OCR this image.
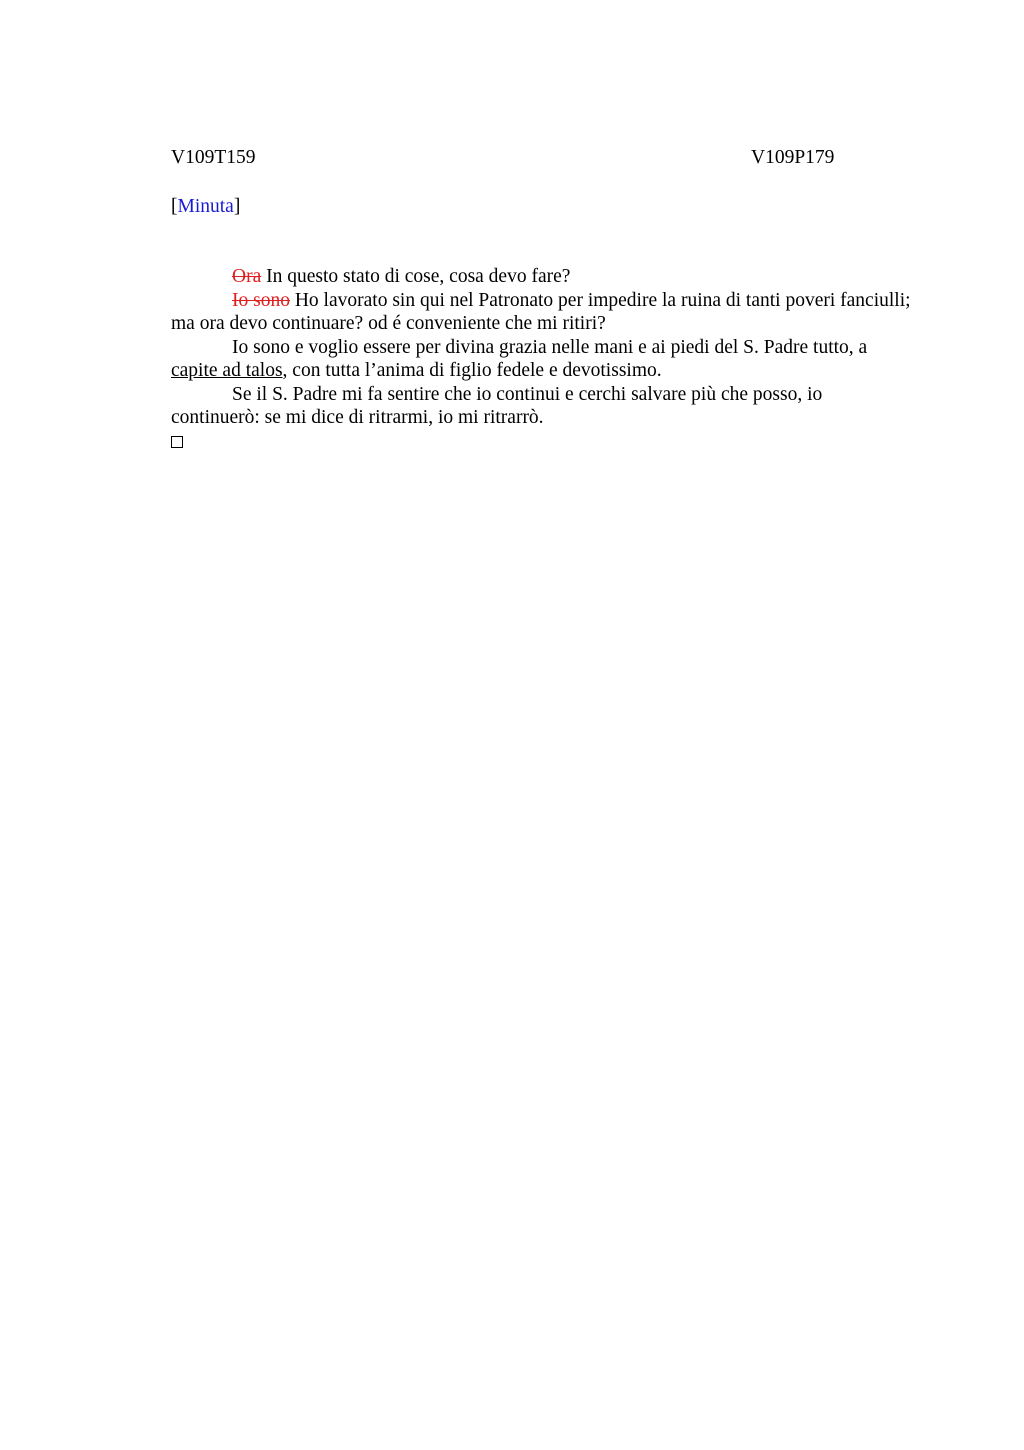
V109T159	V109P179
[Minuta]

Ora In questo stato di cose, cosa devo fare?

Io sono Ho lavorato sin qui nel Patronato per impedire la ruina di tanti poveri fanciulli; ma ora devo continuare? od é conveniente che mi ritiri?

Io sono e voglio essere per divina grazia nelle mani e ai piedi del S. Padre tutto, a capite ad talos, con tutta l’anima di figlio fedele e devotissimo.

Se il S. Padre mi fa sentire che io continui e cerchi salvare più che posso, io continuerò: se mi dice di ritrarmi, io mi ritrarrò.
